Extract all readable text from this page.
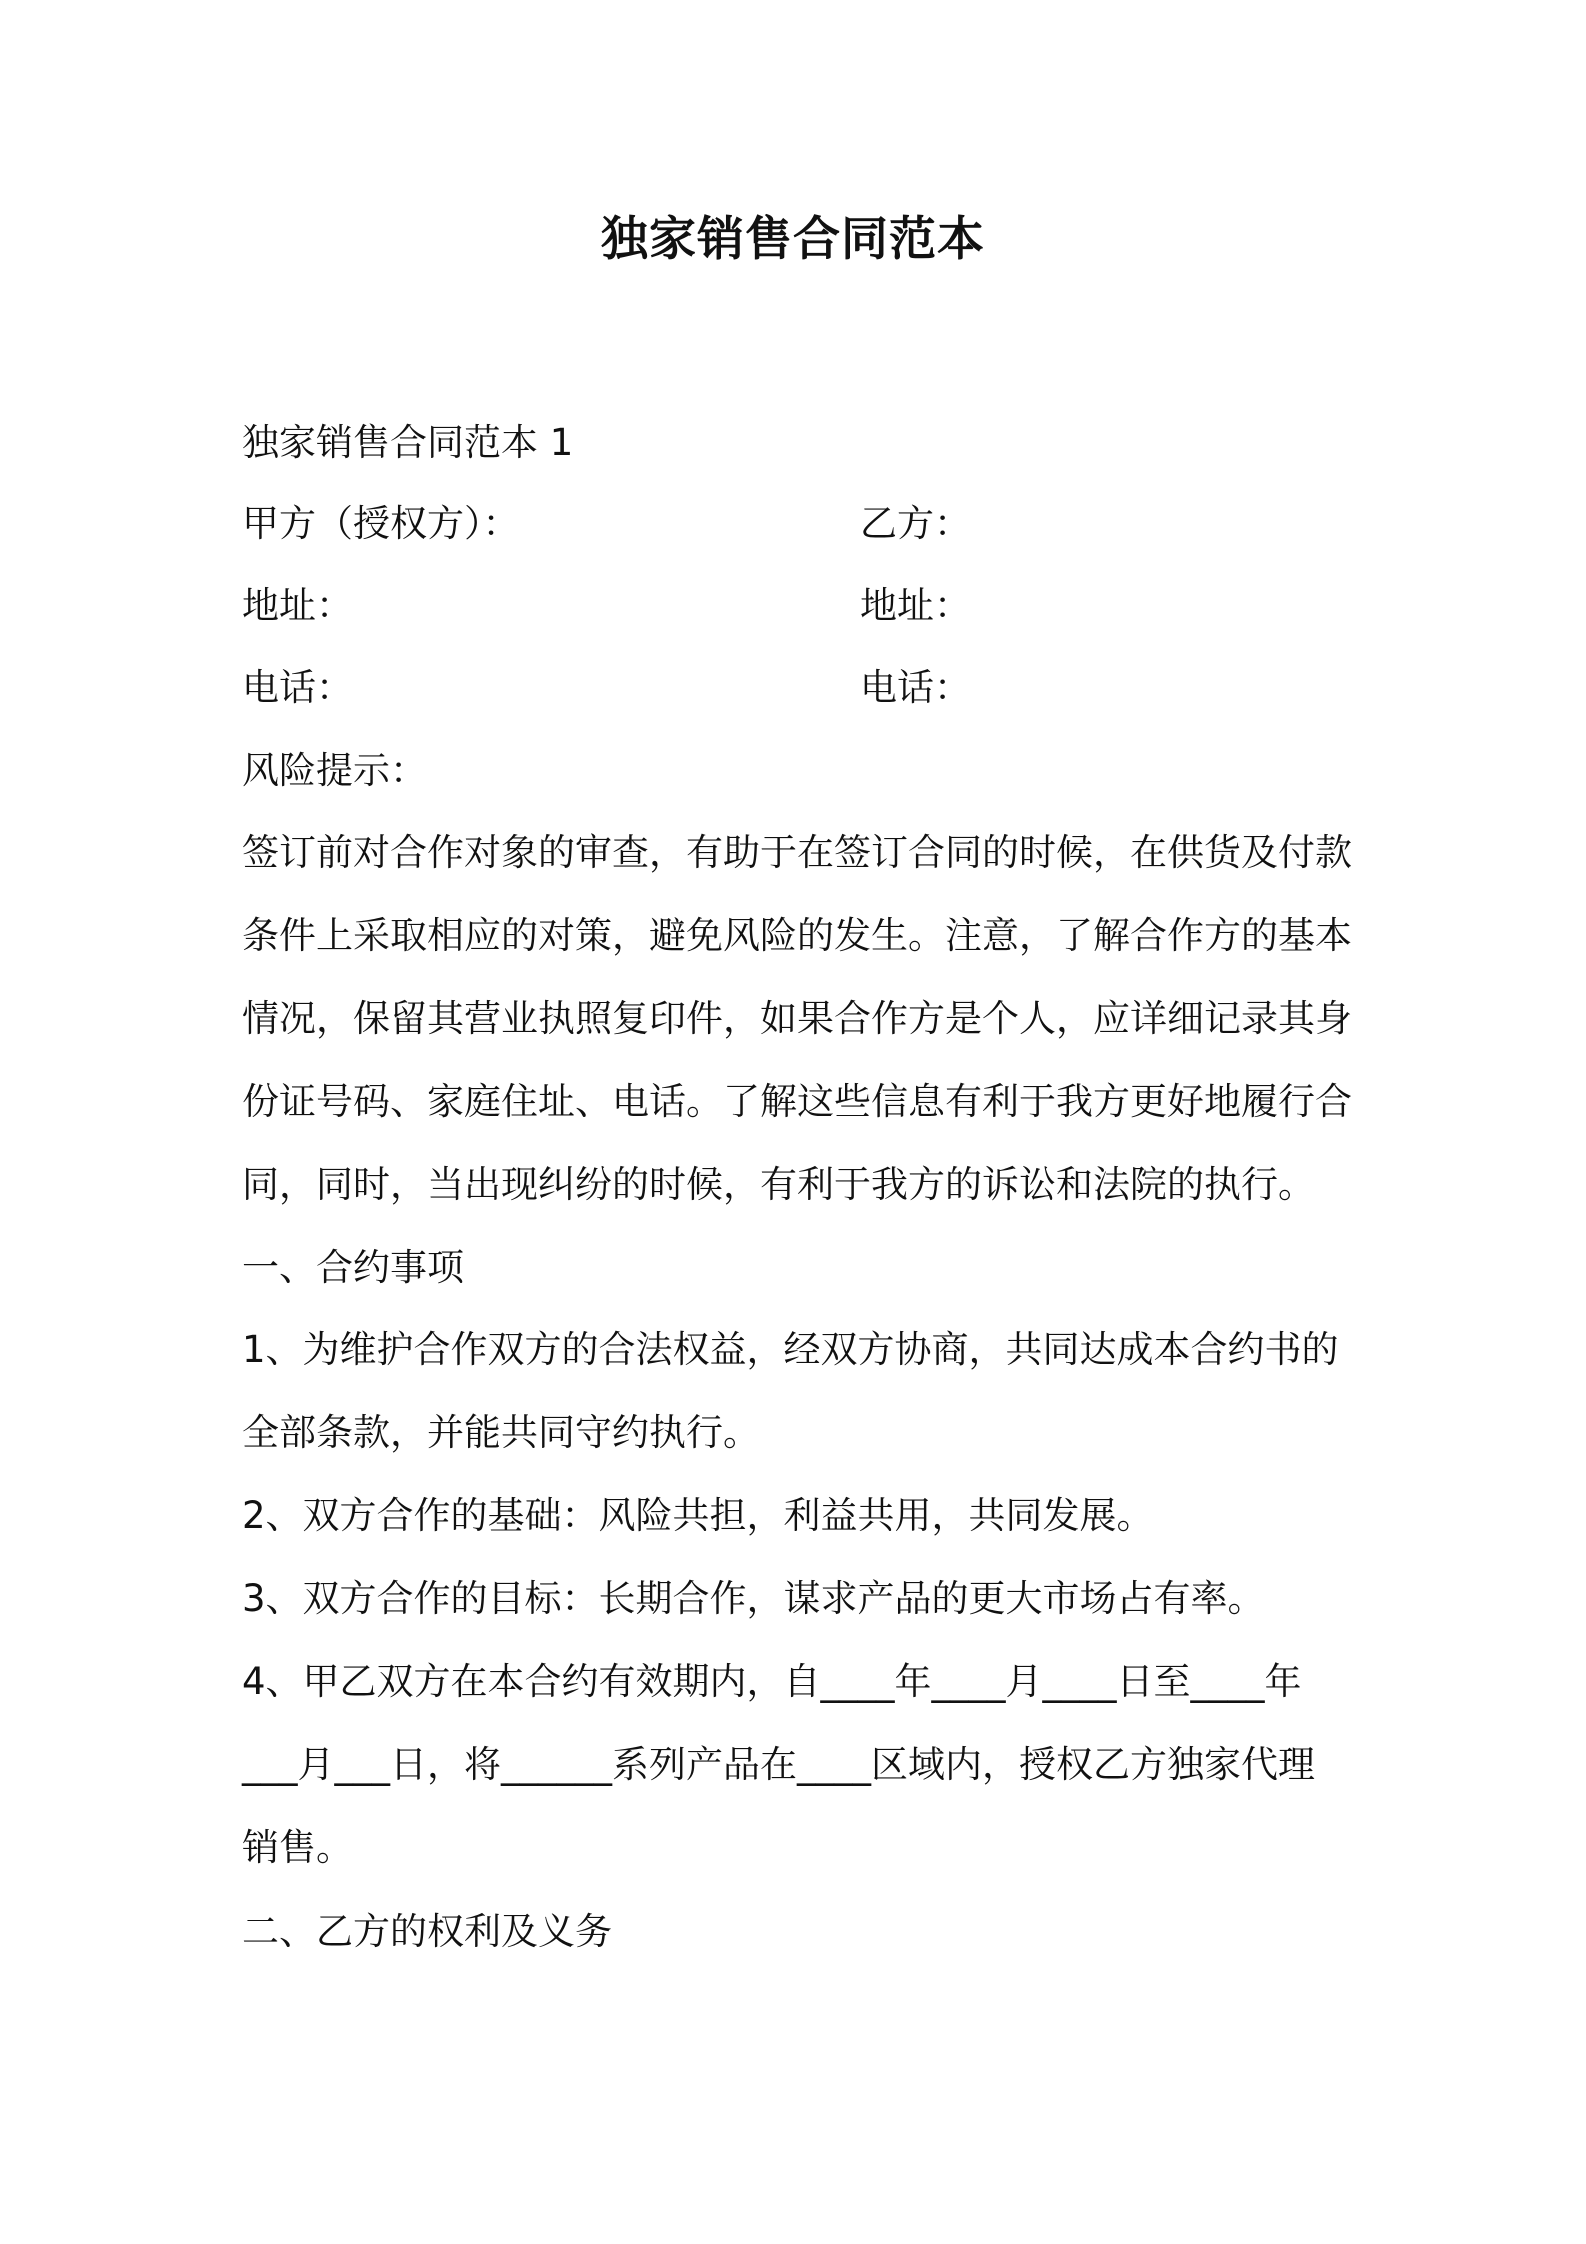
独家销售合同范本
独家销售合同范本 1
甲方（授权方）：	乙方：
地址：	地址：
电话：	电话：
风险提示：
签订前对合作对象的审查，有助于在签订合同的时候，在供货及付款
条件上采取相应的对策，避免风险的发生。注意，了解合作方的基本
情况，保留其营业执照复印件，如果合作方是个人，应详细记录其身
份证号码、家庭住址、电话。了解这些信息有利于我方更好地履行合
同，同时，当出现纠纷的时候，有利于我方的诉讼和法院的执行。
一、合约事项
1、为维护合作双方的合法权益，经双方协商，共同达成本合约书的
全部条款，并能共同守约执行。
2、双方合作的基础：风险共担，利益共用，共同发展。
3、双方合作的目标：长期合作，谋求产品的更大市场占有率。
4、甲乙双方在本合约有效期内，自____年____月____日至____年
___月___日，将______系列产品在____区域内，授权乙方独家代理
销售。
二、乙方的权利及义务
